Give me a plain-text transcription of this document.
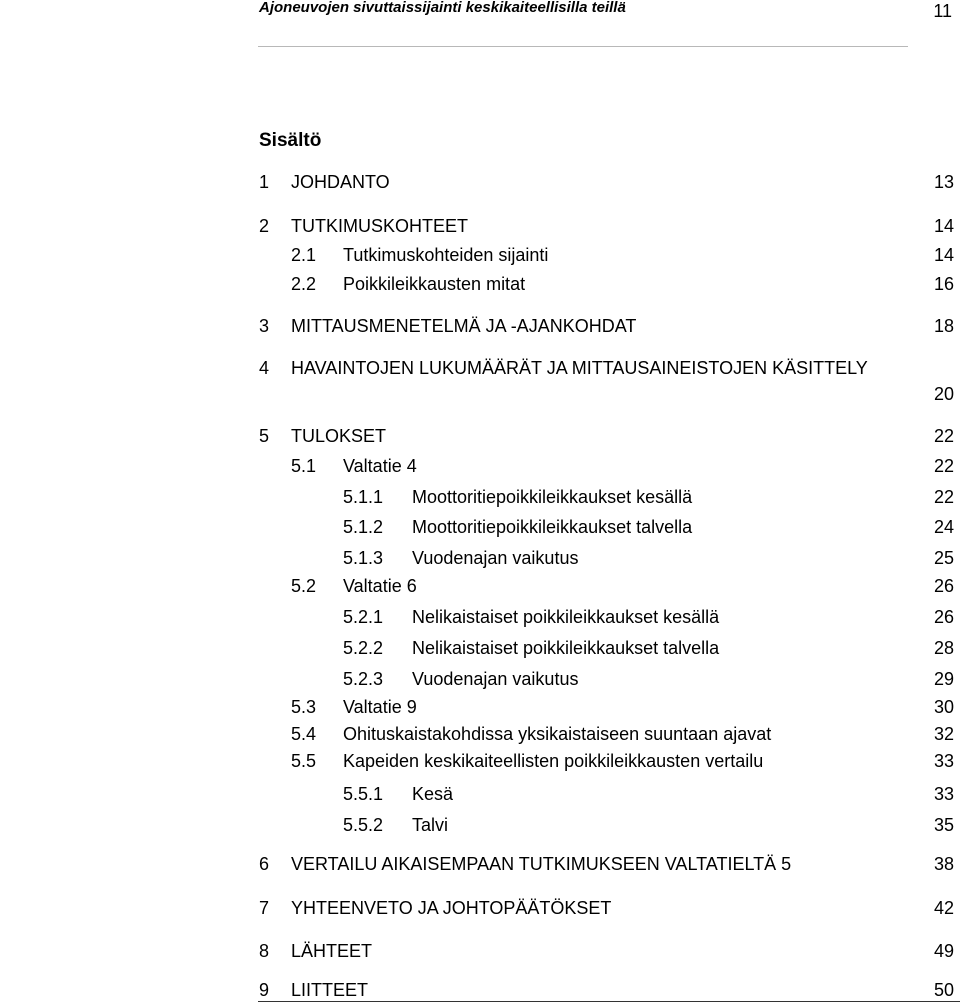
Ajoneuvojen sivuttaissijainti keskikaiteellisilla teillä	11
Sisältö
1 JOHDANTO	13
2 TUTKIMUSKOHTEET	14
2.1 Tutkimuskohteiden sijainti	14
2.2 Poikkileikkausten mitat	16
3 MITTAUSMENETELMÄ JA -AJANKOHDAT	18
4 HAVAINTOJEN LUKUMÄÄRÄT JA MITTAUSAINEISTOJEN KÄSITTELY
20
5 TULOKSET	22
5.1 Valtatie 4	22
5.1.1 Moottoritiepoikkileikkaukset kesällä	22
5.1.2 Moottoritiepoikkileikkaukset talvella	24
5.1.3 Vuodenajan vaikutus	25
5.2 Valtatie 6	26
5.2.1 Nelikaistaiset poikkileikkaukset kesällä	26
5.2.2 Nelikaistaiset poikkileikkaukset talvella	28
5.2.3 Vuodenajan vaikutus	29
5.3 Valtatie 9	30
5.4 Ohituskaistakohdissa yksikaistaiseen suuntaan ajavat	32
5.5 Kapeiden keskikaiteellisten poikkileikkausten vertailu	33
5.5.1 Kesä	33
5.5.2 Talvi	35
6 VERTAILU AIKAISEMPAAN TUTKIMUKSEEN VALTATIELTÄ 5	38
7 YHTEENVETO JA JOHTOPÄÄTÖKSET	42
8 LÄHTEET	49
9 LIITTEET	50
